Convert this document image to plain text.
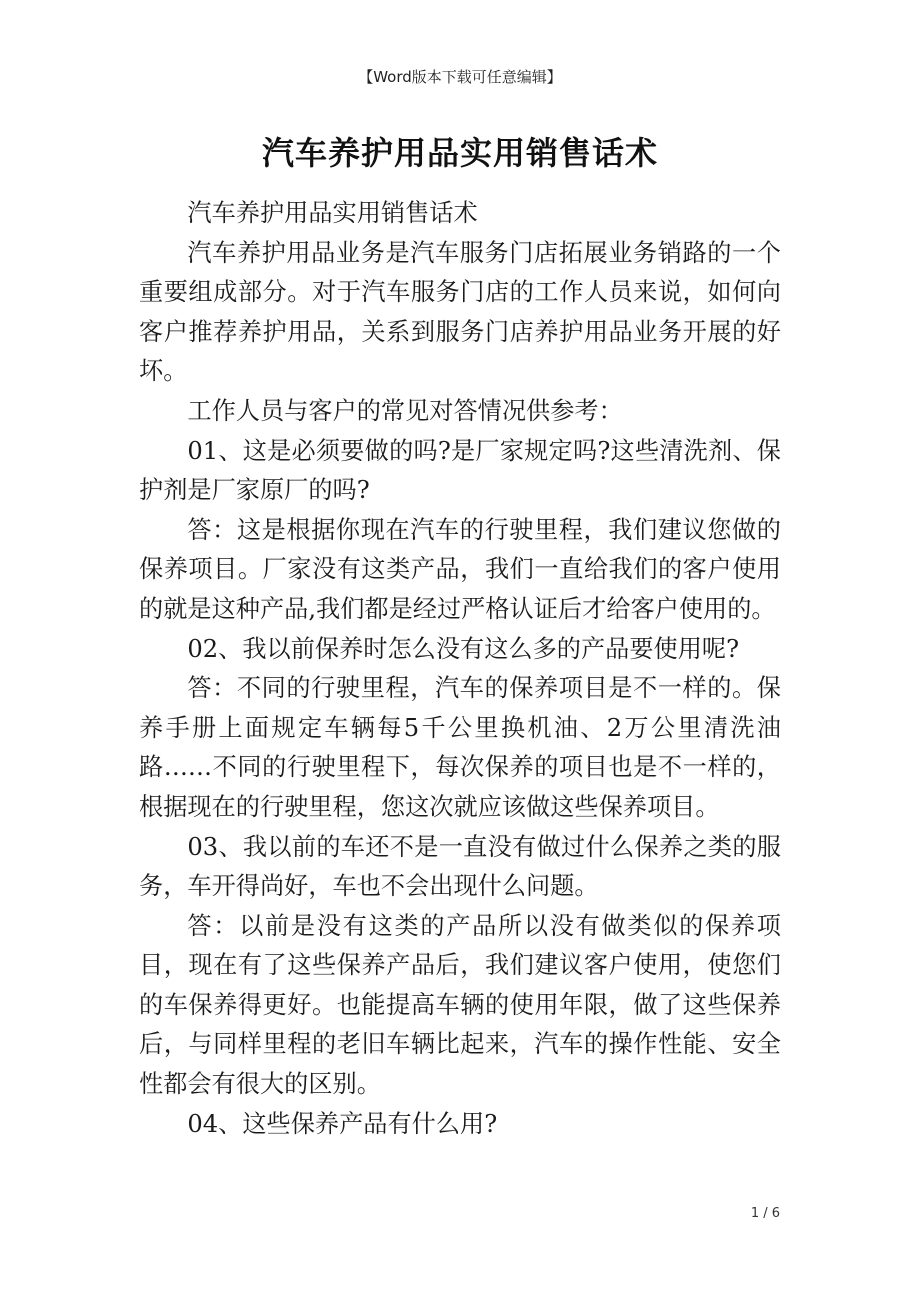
【Word版本下载可任意编辑】
汽车养护用品实用销售话术

汽车养护用品实用销售话术

汽车养护用品业务是汽车服务门店拓展业务销路的一个重要组成部分。对于汽车服务门店的工作人员来说，如何向客户推荐养护用品，关系到服务门店养护用品业务开展的好坏。

工作人员与客户的常见对答情况供参考：

01、这是必须要做的吗?是厂家规定吗?这些清洗剂、保护剂是厂家原厂的吗?

答：这是根据你现在汽车的行驶里程，我们建议您做的保养项目。厂家没有这类产品，我们一直给我们的客户使用的就是这种产品,我们都是经过严格认证后才给客户使用的。

02、我以前保养时怎么没有这么多的产品要使用呢?

答：不同的行驶里程，汽车的保养项目是不一样的。保养手册上面规定车辆每5千公里换机油、2万公里清洗油路……不同的行驶里程下，每次保养的项目也是不一样的，根据现在的行驶里程，您这次就应该做这些保养项目。

03、我以前的车还不是一直没有做过什么保养之类的服务，车开得尚好，车也不会出现什么问题。

答：以前是没有这类的产品所以没有做类似的保养项目，现在有了这些保养产品后，我们建议客户使用，使您们的车保养得更好。也能提高车辆的使用年限，做了这些保养后，与同样里程的老旧车辆比起来，汽车的操作性能、安全性都会有很大的区别。

04、这些保养产品有什么用?

1 / 6
